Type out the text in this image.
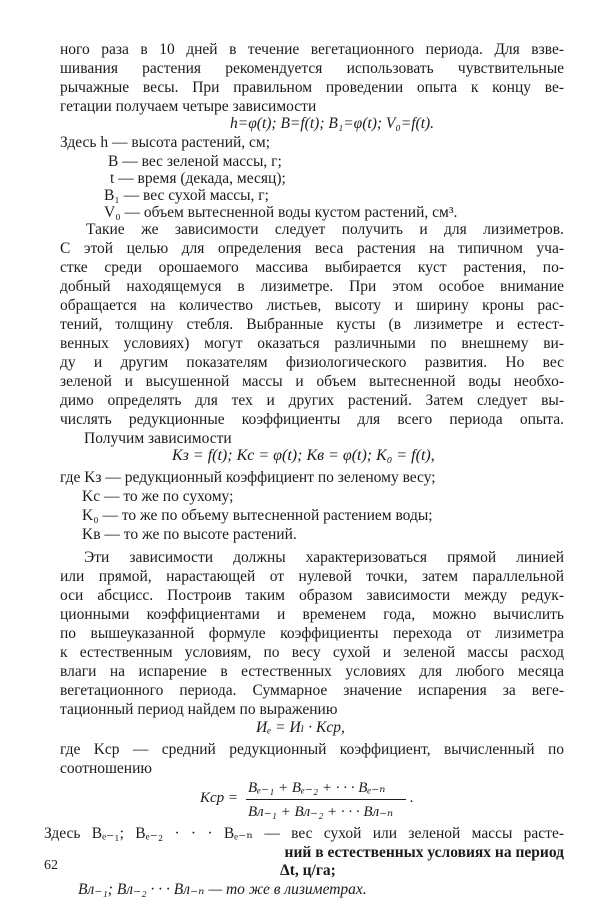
ного раза в 10 дней в течение вегетационного периода. Для взве-
шивания растения рекомендуется использовать чувствительные
рычажные весы. При правильном проведении опыта к концу ве-
гетации получаем четыре зависимости
h=φ(t); B=f(t); B₁=φ(t); V₀=f(t).
Здесь h — высота растений, см;
B — вес зеленой массы, г;
t — время (декада, месяц);
B₁ — вес сухой массы, г;
V₀ — объем вытесненной воды кустом растений, см³.
Такие же зависимости следует получить и для лизиметров.
С этой целью для определения веса растения на типичном уча-
стке среди орошаемого массива выбирается куст растения, по-
добный находящемуся в лизиметре. При этом особое внимание
обращается на количество листьев, высоту и ширину кроны рас-
тений, толщину стебля. Выбранные кусты (в лизиметре и естест-
венных условиях) могут оказаться различными по внешнему ви-
ду и другим показателям физиологического развития. Но вес
зеленой и высушенной массы и объем вытесненной воды необхо-
димо определять для тех и других растений. Затем следует вы-
числять редукционные коэффициенты для всего периода опыта.
Получим зависимости
Kз = f(t); Kс = φ(t); Kв = φ(t); K₀ = f(t),
где Kз — редукционный коэффициент по зеленому весу;
Kс — то же по сухому;
K₀ — то же по объему вытесненной растением воды;
Kв — то же по высоте растений.
Эти зависимости должны характеризоваться прямой линией
или прямой, нарастающей от нулевой точки, затем параллельной
оси абсцисс. Построив таким образом зависимости между редук-
ционными коэффициентами и временем года, можно вычислить
по вышеуказанной формуле коэффициенты перехода от лизиметра
к естественным условиям, по весу сухой и зеленой массы расход
влаги на испарение в естественных условиях для любого месяца
вегетационного периода. Суммарное значение испарения за веге-
тационный период найдем по выражению
Иₑ = Иₗ · Kср,
где Kср — средний редукционный коэффициент, вычисленный по
соотношению
Kср =
Bₑ₋₁ + Bₑ₋₂ + · · · Bₑ₋ₙ
Bл₋₁ + Bл₋₂ + · · · Bл₋ₙ
.
62
Здесь Bₑ₋₁; Bₑ₋₂ · · · Bₑ₋ₙ — вес сухой или зеленой массы расте-
ний в естественных условиях на период
Δt, ц/га;
Bл₋₁; Bл₋₂ · · · Bл₋ₙ — то же в лизиметрах.
